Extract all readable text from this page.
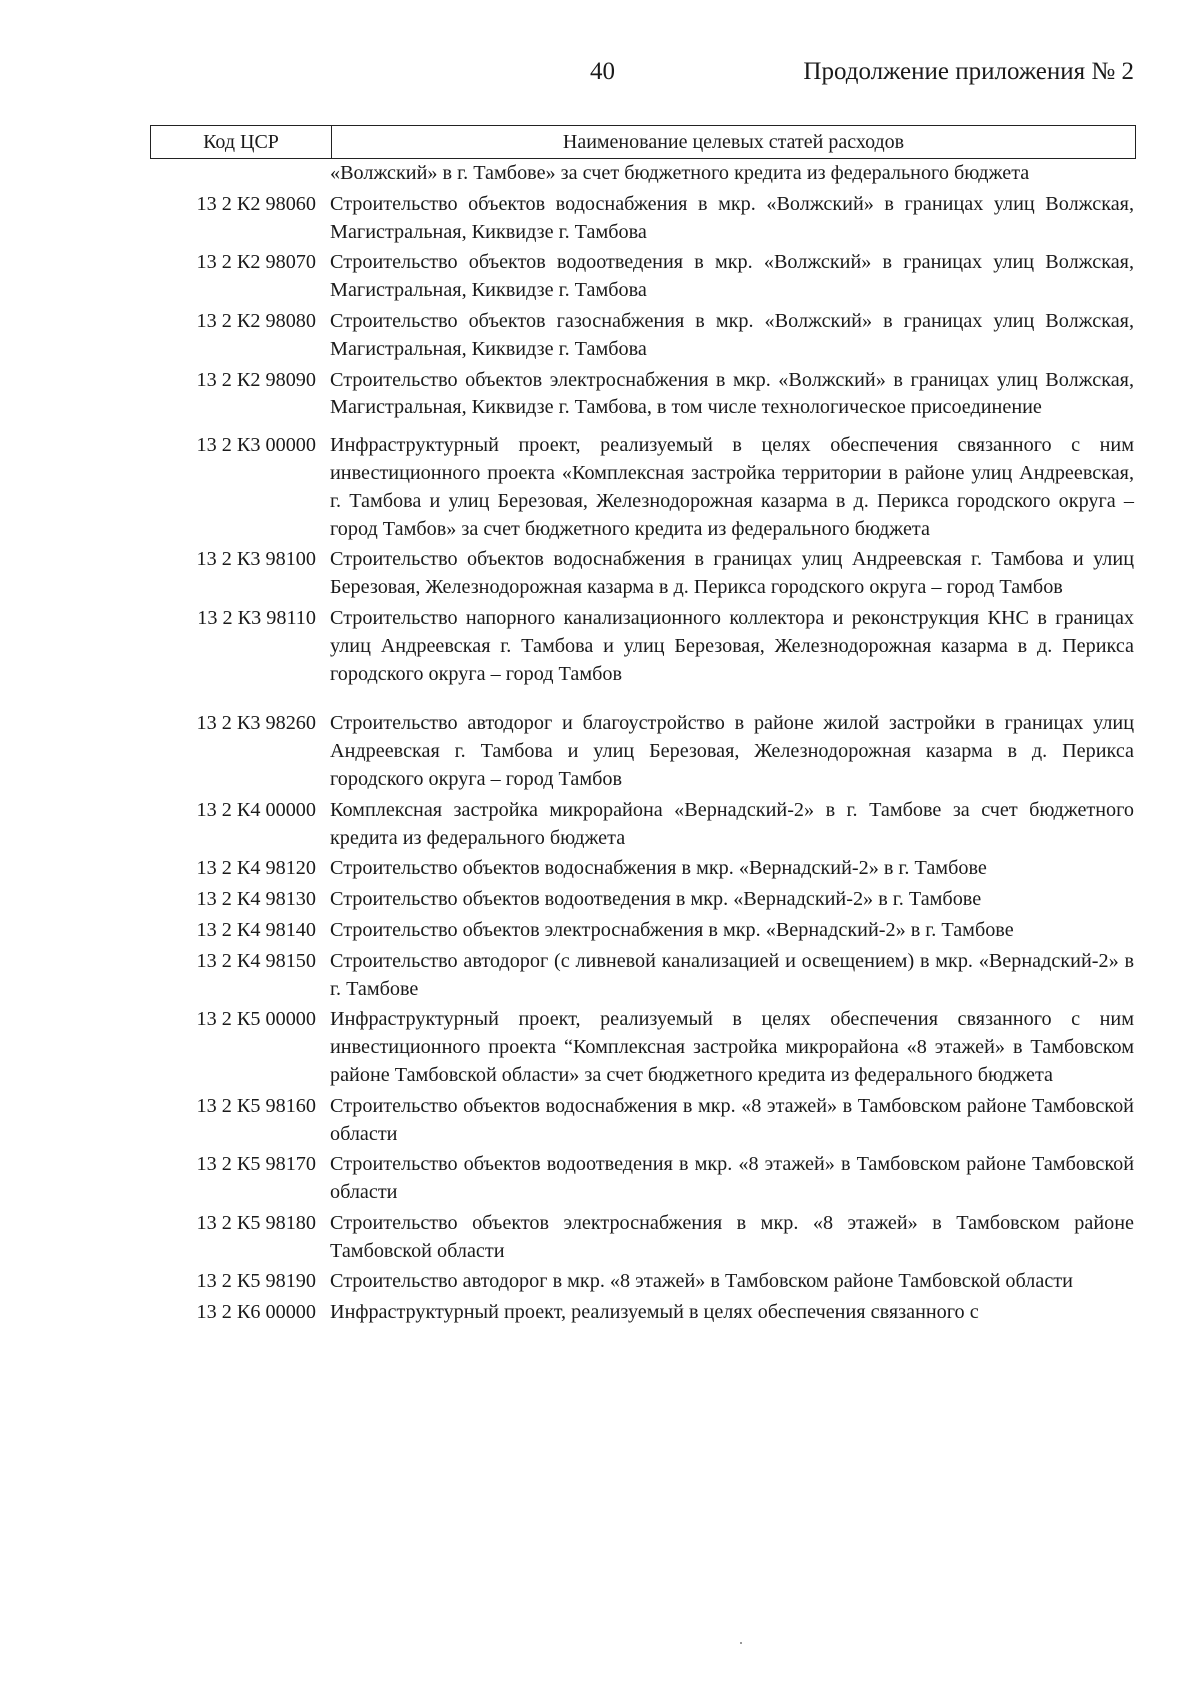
40	Продолжение приложения № 2
Код ЦСР	Наименование целевых статей расходов
«Волжский» в г. Тамбове» за счет бюджетного кредита из федерального бюджета
13 2 К2 98060 Строительство объектов водоснабжения в мкр. «Волжский» в границах улиц Волжская, Магистральная, Киквидзе г. Тамбова
13 2 К2 98070 Строительство объектов водоотведения в мкр. «Волжский» в границах улиц Волжская, Магистральная, Киквидзе г. Тамбова
13 2 К2 98080 Строительство объектов газоснабжения в мкр. «Волжский» в границах улиц Волжская, Магистральная, Киквидзе г. Тамбова
13 2 К2 98090 Строительство объектов электроснабжения в мкр. «Волжский» в границах улиц Волжская, Магистральная, Киквидзе г. Тамбова, в том числе технологическое присоединение
13 2 К3 00000 Инфраструктурный проект, реализуемый в целях обеспечения связанного с ним инвестиционного проекта «Комплексная застройка территории в районе улиц Андреевская, г. Тамбова и улиц Березовая, Железнодорожная казарма в д. Перикса городского округа – город Тамбов» за счет бюджетного кредита из федерального бюджета
13 2 К3 98100 Строительство объектов водоснабжения в границах улиц Андреевская г. Тамбова и улиц Березовая, Железнодорожная казарма в д. Перикса городского округа – город Тамбов
13 2 К3 98110 Строительство напорного канализационного коллектора и реконструкция КНС в границах улиц Андреевская г. Тамбова и улиц Березовая, Железнодорожная казарма в д. Перикса городского округа – город Тамбов
13 2 К3 98260 Строительство автодорог и благоустройство в районе жилой застройки в границах улиц Андреевская г. Тамбова и улиц Березовая, Железнодорожная казарма в д. Перикса городского округа – город Тамбов
13 2 К4 00000 Комплексная застройка микрорайона «Вернадский-2» в г. Тамбове за счет бюджетного кредита из федерального бюджета
13 2 К4 98120 Строительство объектов водоснабжения в мкр. «Вернадский-2» в г. Тамбове
13 2 К4 98130 Строительство объектов водоотведения в мкр. «Вернадский-2» в г. Тамбове
13 2 К4 98140 Строительство объектов электроснабжения в мкр. «Вернадский-2» в г. Тамбове
13 2 К4 98150 Строительство автодорог (с ливневой канализацией и освещением) в мкр. «Вернадский-2» в г. Тамбове
13 2 К5 00000 Инфраструктурный проект, реализуемый в целях обеспечения связанного с ним инвестиционного проекта “Комплексная застройка микрорайона «8 этажей» в Тамбовском районе Тамбовской области» за счет бюджетного кредита из федерального бюджета
13 2 К5 98160 Строительство объектов водоснабжения в мкр. «8 этажей» в Тамбовском районе Тамбовской области
13 2 К5 98170 Строительство объектов водоотведения в мкр. «8 этажей» в Тамбовском районе Тамбовской области
13 2 К5 98180 Строительство объектов электроснабжения в мкр. «8 этажей» в Тамбовском районе Тамбовской области
13 2 К5 98190 Строительство автодорог в мкр. «8 этажей» в Тамбовском районе Тамбовской области
13 2 К6 00000 Инфраструктурный проект, реализуемый в целях обеспечения связанного с
